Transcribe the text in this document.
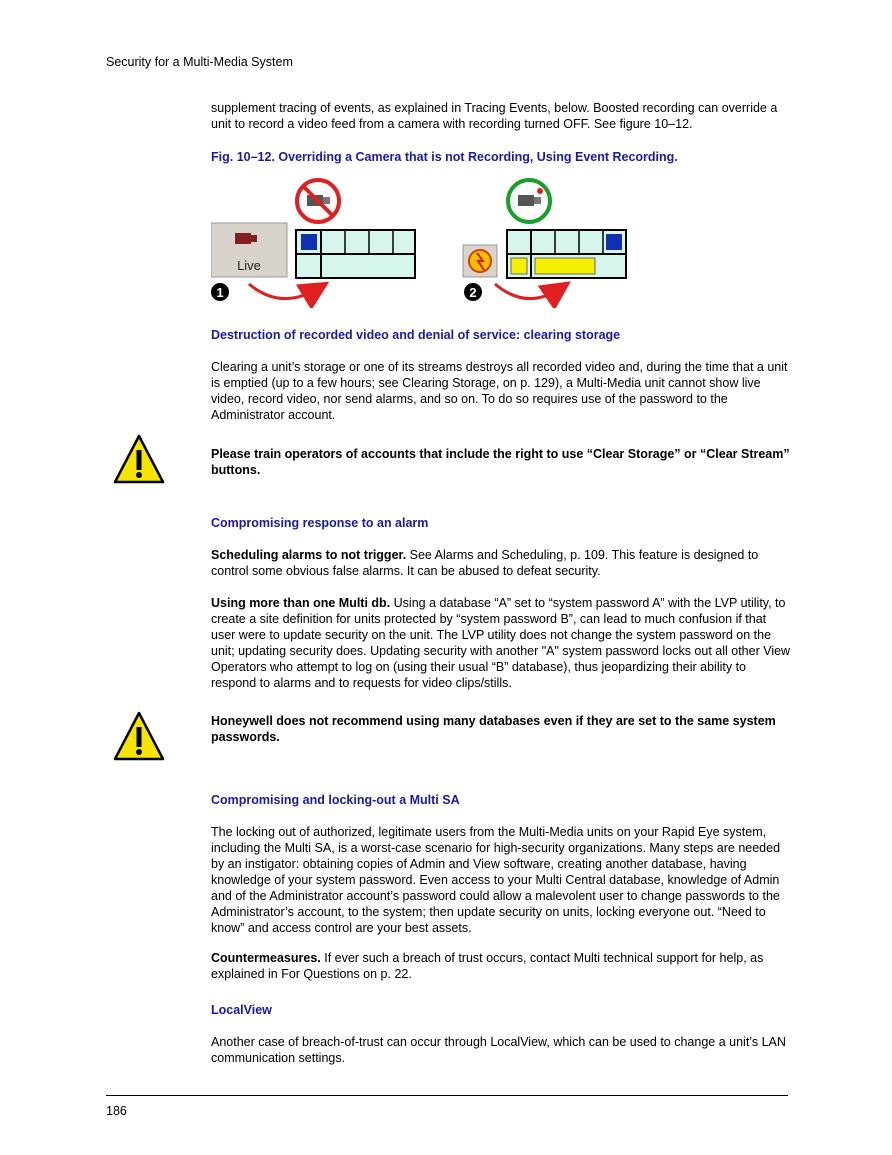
Security for a Multi-Media System

supplement tracing of events, as explained in Tracing Events, below. Boosted recording can override a unit to record a video feed from a camera with recording turned OFF. See figure 10–12.

Fig. 10–12. Overriding a Camera that is not Recording, Using Event Recording.

Live
1	2

Destruction of recorded video and denial of service: clearing storage

Clearing a unit’s storage or one of its streams destroys all recorded video and, during the time that a unit is emptied (up to a few hours; see Clearing Storage, on p. 129), a Multi-Media unit cannot show live video, record video, nor send alarms, and so on. To do so requires use of the password to the Administrator account.

Please train operators of accounts that include the right to use “Clear Storage” or “Clear Stream” buttons.

Compromising response to an alarm

Scheduling alarms to not trigger. See Alarms and Scheduling, p. 109. This feature is designed to control some obvious false alarms. It can be abused to defeat security.

Using more than one Multi db. Using a database “A” set to “system password A” with the LVP utility, to create a site definition for units protected by “system password B”, can lead to much confusion if that user were to update security on the unit. The LVP utility does not change the system password on the unit; updating security does. Updating security with another "A" system password locks out all other View Operators who attempt to log on (using their usual “B” database), thus jeopardizing their ability to respond to alarms and to requests for video clips/stills.

Honeywell does not recommend using many databases even if they are set to the same system passwords.

Compromising and locking-out a Multi SA

The locking out of authorized, legitimate users from the Multi-Media units on your Rapid Eye system, including the Multi SA, is a worst-case scenario for high-security organizations. Many steps are needed by an instigator: obtaining copies of Admin and View software, creating another database, having knowledge of your system password. Even access to your Multi Central database, knowledge of Admin and of the Administrator account’s password could allow a malevolent user to change passwords to the Administrator’s account, to the system; then update security on units, locking everyone out. “Need to know” and access control are your best assets.

Countermeasures. If ever such a breach of trust occurs, contact Multi technical support for help, as explained in For Questions on p. 22.

LocalView

Another case of breach-of-trust can occur through LocalView, which can be used to change a unit’s LAN communication settings.

186
